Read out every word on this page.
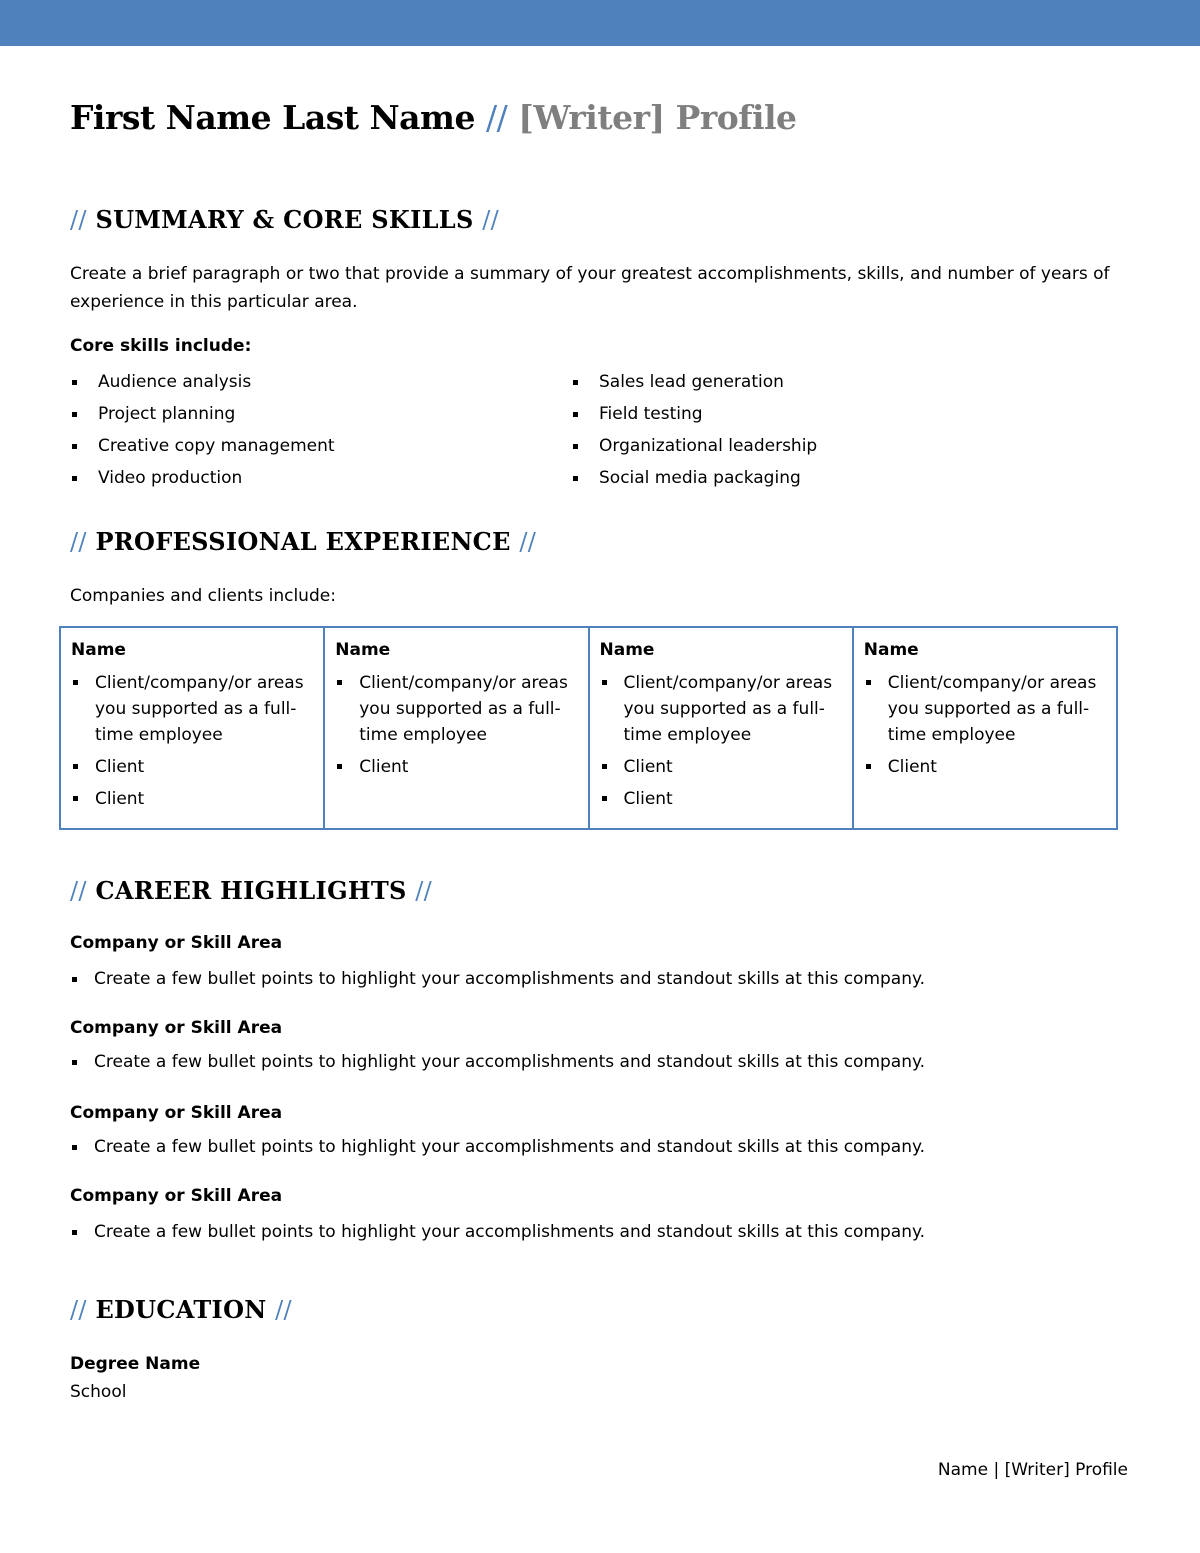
First Name Last Name // [Writer] Profile
// SUMMARY & CORE SKILLS //

Create a brief paragraph or two that provide a summary of your greatest accomplishments, skills, and number of years of

experience in this particular area.

Core skills include:

Audience analysis
Project planning
Creative copy management
Video production
Sales lead generation
Field testing
Organizational leadership
Social media packaging
// PROFESSIONAL EXPERIENCE //

Companies and clients include:

Name

Client/company/or areas you supported as a full-time employee
Client
Client

Name

Client/company/or areas you supported as a full-time employee
Client

Name

Client/company/or areas you supported as a full-time employee
Client
Client

Name

Client/company/or areas you supported as a full-time employee
Client
// CAREER HIGHLIGHTS //

Company or Skill Area

Create a few bullet points to highlight your accomplishments and standout skills at this company.

Company or Skill Area

Create a few bullet points to highlight your accomplishments and standout skills at this company.

Company or Skill Area

Create a few bullet points to highlight your accomplishments and standout skills at this company.

Company or Skill Area

Create a few bullet points to highlight your accomplishments and standout skills at this company.
// EDUCATION //

Degree Name

School

Name | [Writer] Profile
